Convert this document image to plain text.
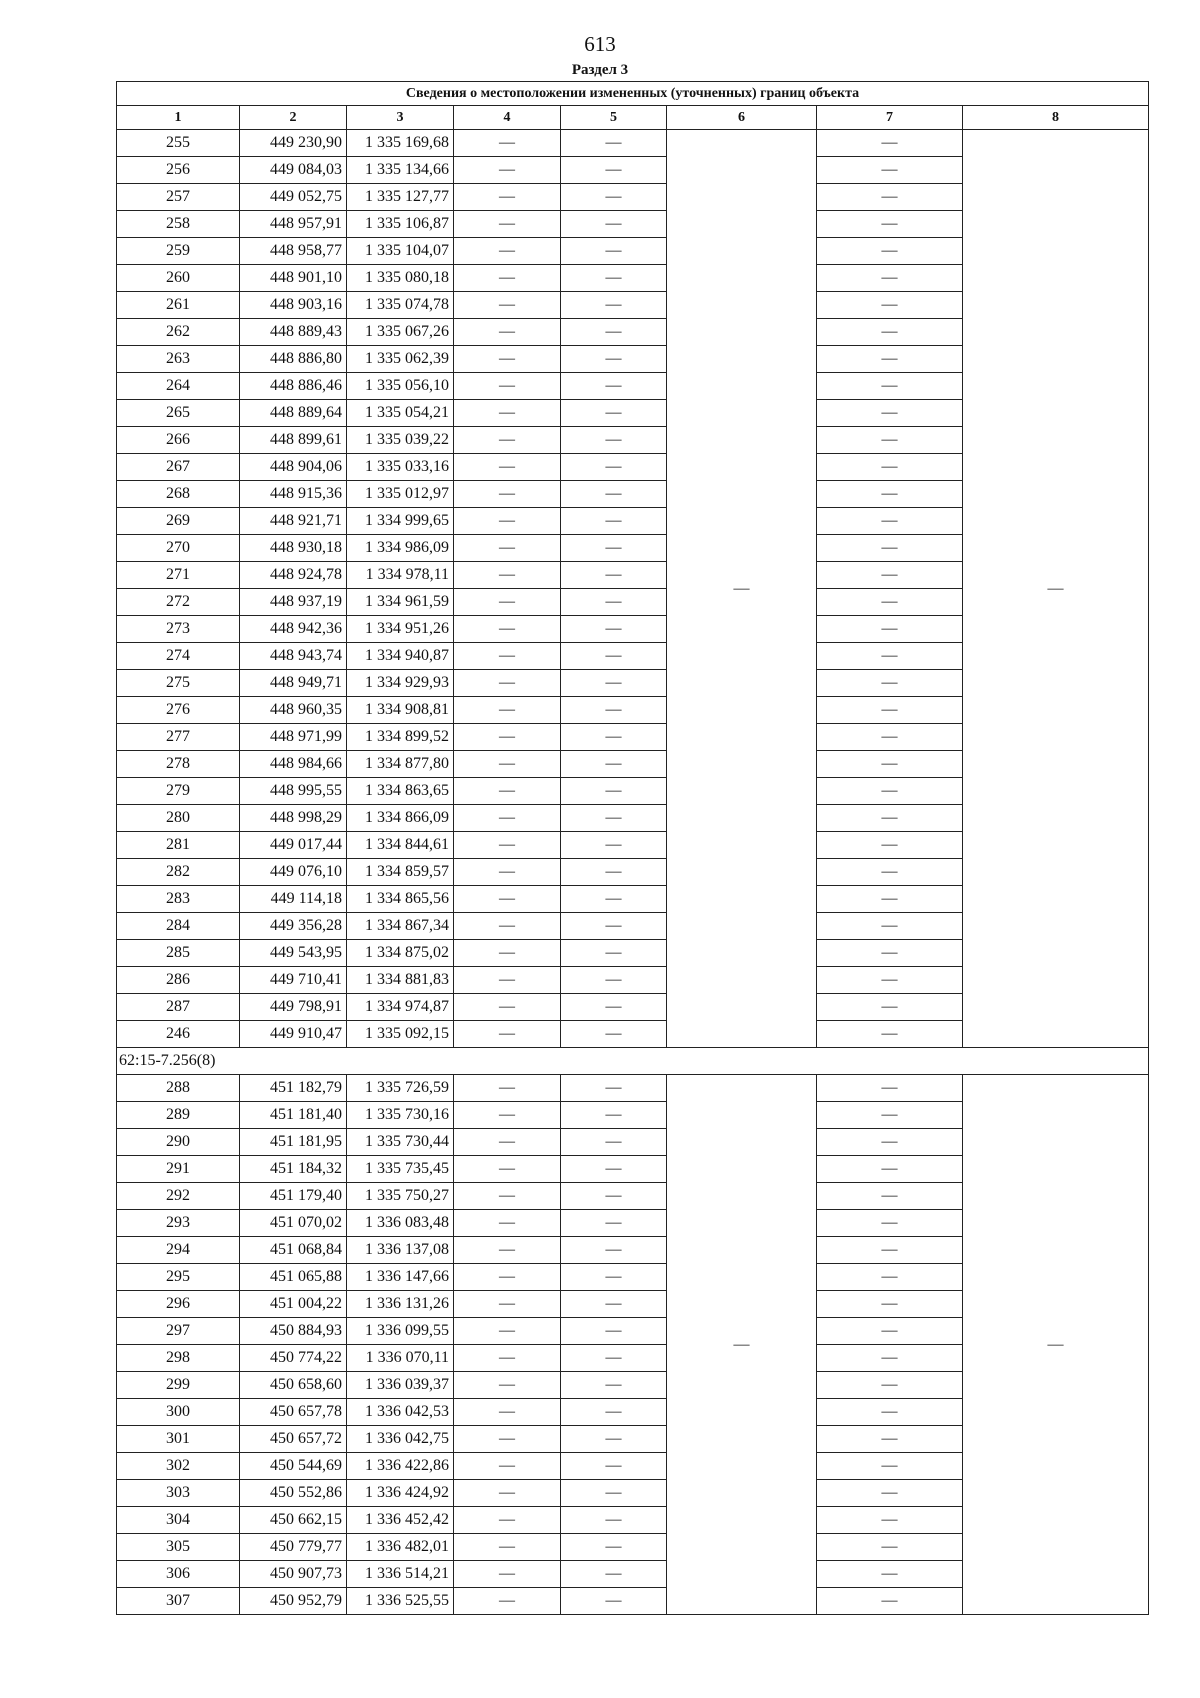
613
Раздел 3
Сведения о местоположении измененных (уточненных) границ объекта							
1	2	3	4	5	6	7	8
255	449 230,90	1 335 169,68	—	—	—	—	—
256	449 084,03	1 335 134,66	—	—		—	
257	449 052,75	1 335 127,77	—	—		—	
258	448 957,91	1 335 106,87	—	—		—	
259	448 958,77	1 335 104,07	—	—		—	
260	448 901,10	1 335 080,18	—	—		—	
261	448 903,16	1 335 074,78	—	—		—	
262	448 889,43	1 335 067,26	—	—		—	
263	448 886,80	1 335 062,39	—	—		—	
264	448 886,46	1 335 056,10	—	—		—	
265	448 889,64	1 335 054,21	—	—		—	
266	448 899,61	1 335 039,22	—	—		—	
267	448 904,06	1 335 033,16	—	—		—	
268	448 915,36	1 335 012,97	—	—		—	
269	448 921,71	1 334 999,65	—	—		—	
270	448 930,18	1 334 986,09	—	—		—	
271	448 924,78	1 334 978,11	—	—		—	
272	448 937,19	1 334 961,59	—	—		—	
273	448 942,36	1 334 951,26	—	—		—	
274	448 943,74	1 334 940,87	—	—		—	
275	448 949,71	1 334 929,93	—	—		—	
276	448 960,35	1 334 908,81	—	—		—	
277	448 971,99	1 334 899,52	—	—		—	
278	448 984,66	1 334 877,80	—	—		—	
279	448 995,55	1 334 863,65	—	—		—	
280	448 998,29	1 334 866,09	—	—		—	
281	449 017,44	1 334 844,61	—	—		—	
282	449 076,10	1 334 859,57	—	—		—	
283	449 114,18	1 334 865,56	—	—		—	
284	449 356,28	1 334 867,34	—	—		—	
285	449 543,95	1 334 875,02	—	—		—	
286	449 710,41	1 334 881,83	—	—		—	
287	449 798,91	1 334 974,87	—	—		—	
246	449 910,47	1 335 092,15	—	—		—	
62:15-7.256(8)							
288	451 182,79	1 335 726,59	—	—	—	—	—
289	451 181,40	1 335 730,16	—	—		—	
290	451 181,95	1 335 730,44	—	—		—	
291	451 184,32	1 335 735,45	—	—		—	
292	451 179,40	1 335 750,27	—	—		—	
293	451 070,02	1 336 083,48	—	—		—	
294	451 068,84	1 336 137,08	—	—		—	
295	451 065,88	1 336 147,66	—	—		—	
296	451 004,22	1 336 131,26	—	—		—	
297	450 884,93	1 336 099,55	—	—		—	
298	450 774,22	1 336 070,11	—	—		—	
299	450 658,60	1 336 039,37	—	—		—	
300	450 657,78	1 336 042,53	—	—		—	
301	450 657,72	1 336 042,75	—	—		—	
302	450 544,69	1 336 422,86	—	—		—	
303	450 552,86	1 336 424,92	—	—		—	
304	450 662,15	1 336 452,42	—	—		—	
305	450 779,77	1 336 482,01	—	—		—	
306	450 907,73	1 336 514,21	—	—		—	
307	450 952,79	1 336 525,55	—	—		—	
